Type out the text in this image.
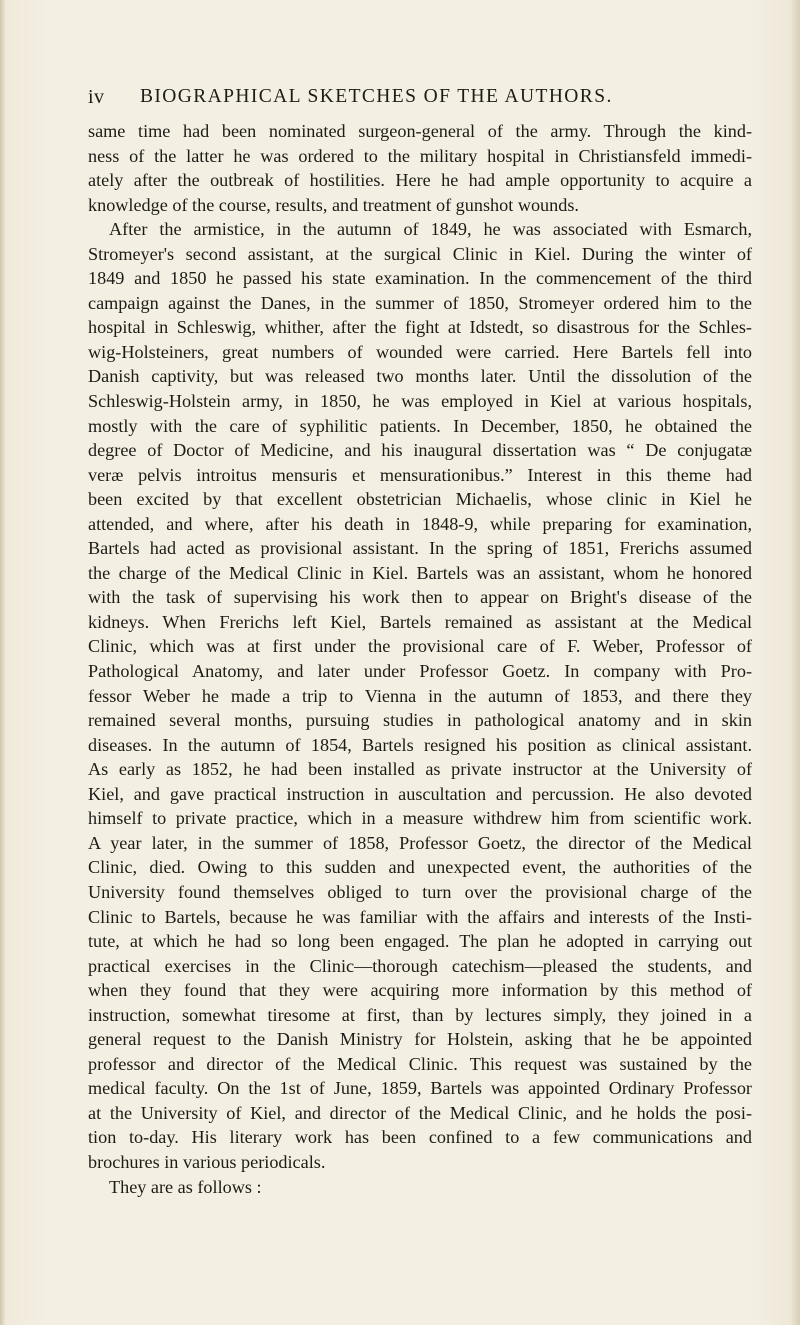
iv BIOGRAPHICAL SKETCHES OF THE AUTHORS.

same time had been nominated surgeon-general of the army. Through the kind-
ness of the latter he was ordered to the military hospital in Christiansfeld immedi-
ately after the outbreak of hostilities. Here he had ample opportunity to acquire a
knowledge of the course, results, and treatment of gunshot wounds.

After the armistice, in the autumn of 1849, he was associated with Esmarch,
Stromeyer's second assistant, at the surgical Clinic in Kiel. During the winter of
1849 and 1850 he passed his state examination. In the commencement of the third
campaign against the Danes, in the summer of 1850, Stromeyer ordered him to the
hospital in Schleswig, whither, after the fight at Idstedt, so disastrous for the Schles-
wig-Holsteiners, great numbers of wounded were carried. Here Bartels fell into
Danish captivity, but was released two months later. Until the dissolution of the
Schleswig-Holstein army, in 1850, he was employed in Kiel at various hospitals,
mostly with the care of syphilitic patients. In December, 1850, he obtained the
degree of Doctor of Medicine, and his inaugural dissertation was “ De conjugatæ
veræ pelvis introitus mensuris et mensurationibus.” Interest in this theme had
been excited by that excellent obstetrician Michaelis, whose clinic in Kiel he
attended, and where, after his death in 1848-9, while preparing for examination,
Bartels had acted as provisional assistant. In the spring of 1851, Frerichs assumed
the charge of the Medical Clinic in Kiel. Bartels was an assistant, whom he honored
with the task of supervising his work then to appear on Bright's disease of the
kidneys. When Frerichs left Kiel, Bartels remained as assistant at the Medical
Clinic, which was at first under the provisional care of F. Weber, Professor of
Pathological Anatomy, and later under Professor Goetz. In company with Pro-
fessor Weber he made a trip to Vienna in the autumn of 1853, and there they
remained several months, pursuing studies in pathological anatomy and in skin
diseases. In the autumn of 1854, Bartels resigned his position as clinical assistant.
As early as 1852, he had been installed as private instructor at the University of
Kiel, and gave practical instruction in auscultation and percussion. He also devoted
himself to private practice, which in a measure withdrew him from scientific work.
A year later, in the summer of 1858, Professor Goetz, the director of the Medical
Clinic, died. Owing to this sudden and unexpected event, the authorities of the
University found themselves obliged to turn over the provisional charge of the
Clinic to Bartels, because he was familiar with the affairs and interests of the Insti-
tute, at which he had so long been engaged. The plan he adopted in carrying out
practical exercises in the Clinic—thorough catechism—pleased the students, and
when they found that they were acquiring more information by this method of
instruction, somewhat tiresome at first, than by lectures simply, they joined in a
general request to the Danish Ministry for Holstein, asking that he be appointed
professor and director of the Medical Clinic. This request was sustained by the
medical faculty. On the 1st of June, 1859, Bartels was appointed Ordinary Professor
at the University of Kiel, and director of the Medical Clinic, and he holds the posi-
tion to-day. His literary work has been confined to a few communications and
brochures in various periodicals.

They are as follows :
